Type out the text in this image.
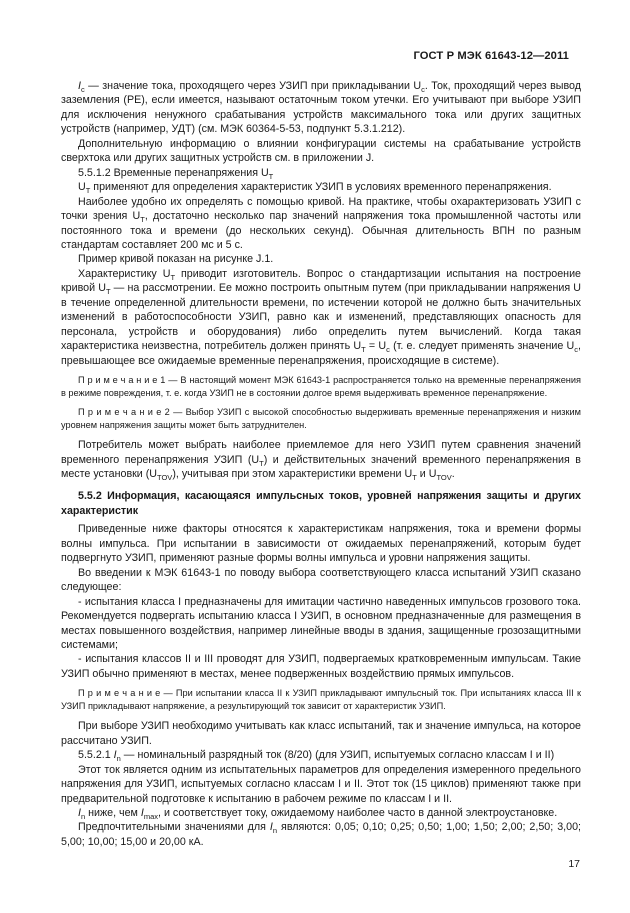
ГОСТ Р МЭК 61643-12—2011

$I_c$ — значение тока, проходящего через УЗИП при прикладывании $U_c$. Ток, проходящий через вывод заземления (PE), если имеется, называют остаточным током утечки. Его учитывают при выборе УЗИП для исключения ненужного срабатывания устройств максимального тока или других защитных устройств (например, УДТ) (см. МЭК 60364-5-53, подпункт 5.3.1.212).

Дополнительную информацию о влиянии конфигурации системы на срабатывание устройств сверхтока или других защитных устройств см. в приложении J.

5.5.1.2 Временные перенапряжения $U_T$

$U_T$ применяют для определения характеристик УЗИП в условиях временного перенапряжения.

Наиболее удобно их определять с помощью кривой. На практике, чтобы охарактеризовать УЗИП с точки зрения $U_T$, достаточно несколько пар значений напряжения тока промышленной частоты или постоянного тока и времени (до нескольких секунд). Обычная длительность ВПН по разным стандартам составляет 200 мс и 5 с.

Пример кривой показан на рисунке J.1.

Характеристику $U_T$ приводит изготовитель. Вопрос о стандартизации испытания на построение кривой $U_T$ — на рассмотрении. Ее можно построить опытным путем (при прикладывании напряжения U в течение определенной длительности времени, по истечении которой не должно быть значительных изменений в работоспособности УЗИП, равно как и изменений, представляющих опасность для персонала, устройств и оборудования) либо определить путем вычислений. Когда такая характеристика неизвестна, потребитель должен принять $U_T = U_c$ (т. е. следует применять значение $U_c$, превышающее все ожидаемые временные перенапряжения, происходящие в системе).

П р и м е ч а н и е 1 — В настоящий момент МЭК 61643-1 распространяется только на временные перенапряжения в режиме повреждения, т. е. когда УЗИП не в состоянии долгое время выдерживать временное перенапряжение.

П р и м е ч а н и е 2 — Выбор УЗИП с высокой способностью выдерживать временные перенапряжения и низким уровнем напряжения защиты может быть затруднителен.

Потребитель может выбрать наиболее приемлемое для него УЗИП путем сравнения значений временного перенапряжения УЗИП $(U_T)$ и действительных значений временного перенапряжения в месте установки $(U_{TOV})$, учитывая при этом характеристики времени $U_T$ и $U_{TOV}$.

5.5.2 Информация, касающаяся импульсных токов, уровней напряжения защиты и других характеристик

Приведенные ниже факторы относятся к характеристикам напряжения, тока и времени формы волны импульса. При испытании в зависимости от ожидаемых перенапряжений, которым будет подвергнуто УЗИП, применяют разные формы волны импульса и уровни напряжения защиты.

Во введении к МЭК 61643-1 по поводу выбора соответствующего класса испытаний УЗИП сказано следующее:

- испытания класса I предназначены для имитации частично наведенных импульсов грозового тока. Рекомендуется подвергать испытанию класса I УЗИП, в основном предназначенные для размещения в местах повышенного воздействия, например линейные вводы в здания, защищенные грозозащитными системами;

- испытания классов II и III проводят для УЗИП, подвергаемых кратковременным импульсам. Такие УЗИП обычно применяют в местах, менее подверженных воздействию прямых импульсов.

П р и м е ч а н и е — При испытании класса II к УЗИП прикладывают импульсный ток. При испытаниях класса III к УЗИП прикладывают напряжение, а результирующий ток зависит от характеристик УЗИП.

При выборе УЗИП необходимо учитывать как класс испытаний, так и значение импульса, на которое рассчитано УЗИП.

5.5.2.1 $I_n$ — номинальный разрядный ток (8/20) (для УЗИП, испытуемых согласно классам I и II)

Этот ток является одним из испытательных параметров для определения измеренного предельного напряжения для УЗИП, испытуемых согласно классам I и II. Этот ток (15 циклов) применяют также при предварительной подготовке к испытанию в рабочем режиме по классам I и II.

$I_n$ ниже, чем $I_{max}$, и соответствует току, ожидаемому наиболее часто в данной электроустановке.

Предпочтительными значениями для $I_n$ являются: 0,05; 0,10; 0,25; 0,50; 1,00; 1,50; 2,00; 2,50; 3,00; 5,00; 10,00; 15,00 и 20,00 кА.

17
